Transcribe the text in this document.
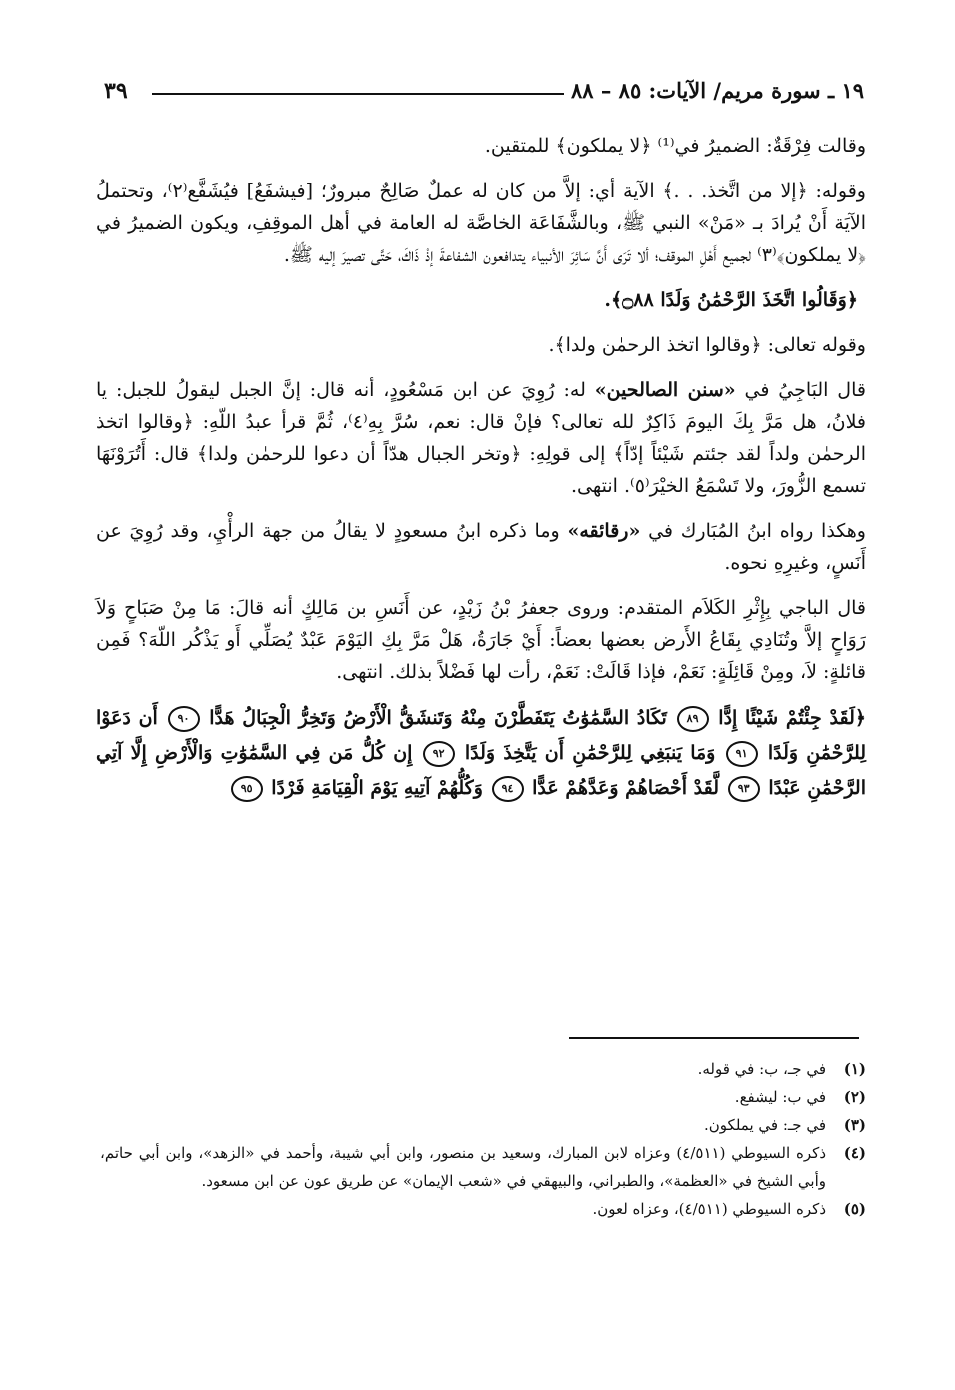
١٩ ـ سورة مريم/ الآيات: ٨٥ – ٨٨
٣٩

وقالت فِرْقَةٌ: الضميرُ في⁽¹⁾ ﴿لا يملكون﴾ للمتقين.

وقوله: ﴿إلا من اتَّخذ. . .﴾ الآية أي: إلاَّ من كان له عملٌ صَالِحٌ مبرورٌ؛ [فيشفَعُ] فيُشَفَّع⁽٢⁾، وتحتملُ الآيَة أَنْ يُرادَ بـ «مَنْ» النبي ﷺ، وبالشَّفَاعَة الخاصَّة له العامة في أهل الموقِفِ، ويكون الضميرُ في ﴿لا يملكون﴾⁽٣⁾ لجميع أَهْلِ الموقف؛ ألا تَرَى أَنَّ سَائِرَ الأنبياء يتدافعون الشفاعةَ إذْ ذَاكَ، حَتَّى تصيرَ إليه ﷺ.

﴿وَقَالُوا اتَّخَذَ الرَّحْمَٰنُ وَلَدًا ۝٨٨﴾.

وقوله تعالى: ﴿وقالوا اتخذ الرحمٰن ولدا﴾.

قال البَاجِيُ في «سنن الصالحين» له: رُوِيَ عن ابن مَسْعُودٍ، أنه قال: إنَّ الجبل ليقولُ للجبل: يا فلانُ، هل مَرَّ بِكَ اليومَ ذَاكِرٌ لله تعالى؟ فإنْ قال: نعم، سُرَّ بِهِ⁽٤⁾، ثُمَّ قرأ عبدُ اللّهِ: ﴿وقالوا اتخذ الرحمٰن ولداً لقد جئتم شَيْئاً إدّاً﴾ إلى قولِهِ: ﴿وتخر الجبال هدّاً أن دعوا للرحمٰن ولدا﴾ قال: أَتُرَوْنَهَا تسمع الزُّورَ، ولا تَسْمَعُ الخيْرَ⁽٥⁾. انتهى.

وهكذا رواه ابنُ المُبَارك في «رقائقه» وما ذكره ابنُ مسعودٍ لا يقالُ من جهة الرأْيِ، وقد رُوِيَ عن أَنَسٍ، وغيرِهِ نحوه.

قال الباجي بِإِثْرِ الكَلاَم المتقدم: وروى جعفرُ بْنُ زَيْدٍ، عن أَنَسِ بن مَالِكٍ أنه قالَ: مَا مِنْ صَبَاحٍ وَلاَ رَوَاحٍ إلاَّ وتُنَادِي بِقَاعُ الأَرض بعضها بعضاً: أَيْ جَارَةُ، هَلْ مَرَّ بِكِ اليَوْمَ عَبْدٌ يُصَلِّي أَو يَذْكُر اللّهَ؟ فَمِن قائلةٍ: لاَ، ومِنْ قَائِلَةٍ: نَعَمْ، فإذا قَالَتْ: نَعَمْ، رأت لها فَضْلاً بذلك. انتهى.

﴿لَقَدْ جِئْتُمْ شَيْئًا إِدًّا ٨٩ تَكَادُ السَّمَٰوَٰتُ يَتَفَطَّرْنَ مِنْهُ وَتَنشَقُّ الْأَرْضُ وَتَخِرُّ الْجِبَالُ هَدًّا ٩٠ أَن دَعَوْا لِلرَّحْمَٰنِ وَلَدًا ٩١ وَمَا يَنبَغِي لِلرَّحْمَٰنِ أَن يَتَّخِذَ وَلَدًا ٩٢ إِن كُلُّ مَن فِي السَّمَٰوَٰتِ وَالْأَرْضِ إِلَّا آتِي الرَّحْمَٰنِ عَبْدًا ٩٣ لَّقَدْ أَحْصَاهُمْ وَعَدَّهُمْ عَدًّا ٩٤ وَكُلُّهُمْ آتِيهِ يَوْمَ الْقِيَامَةِ فَرْدًا ٩٥

(١)
في جـ، ب: في قوله.
(٢)
في ب: ليشفع.
(٣)
في جـ: في يملكون.
(٤)
ذكره السيوطي (٤/٥١١) وعزاه لابن المبارك، وسعيد بن منصور، وابن أبي شيبة، وأحمد في «الزهد»، وابن أبي حاتم، وأبي الشيخ في «العظمة»، والطبراني، والبيهقي في «شعب الإيمان» عن طريق عون عن ابن مسعود.
(٥)
ذكره السيوطي (٤/٥١١)، وعزاه لعون.
